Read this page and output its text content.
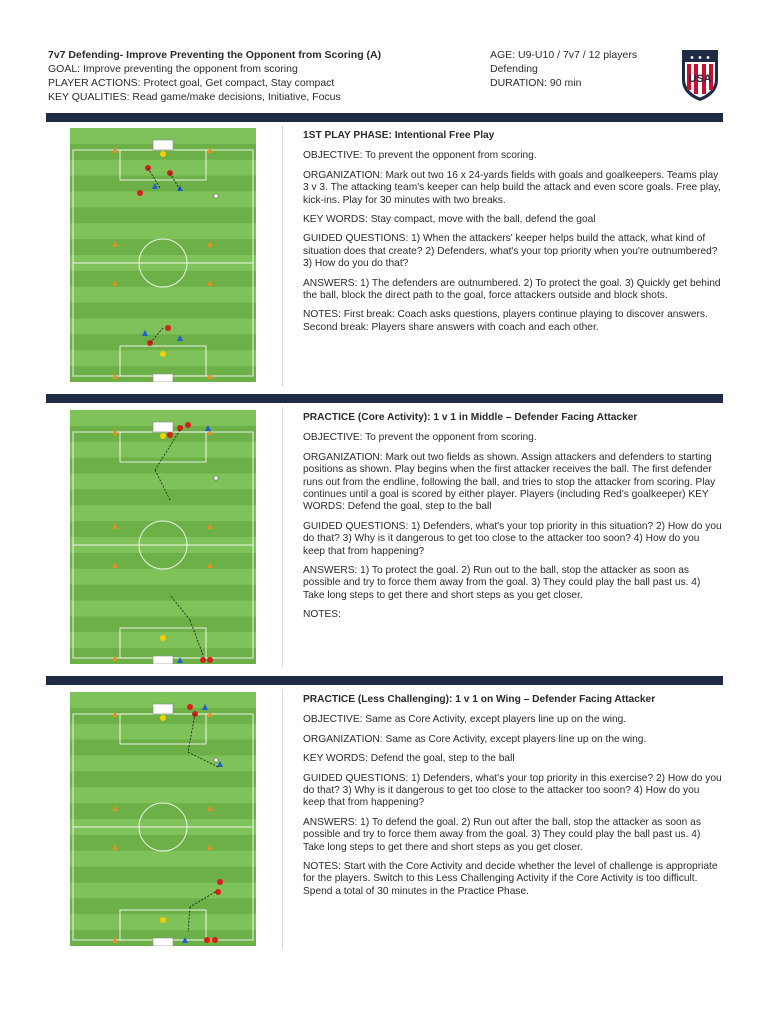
7v7 Defending- Improve Preventing the Opponent from Scoring (A)
GOAL: Improve preventing the opponent from scoring
PLAYER ACTIONS: Protect goal, Get compact, Stay compact
KEY QUALITIES: Read game/make decisions, Initiative, Focus
AGE: U9-U10 / 7v7 / 12 players
Defending
DURATION: 90 min	USA

1ST PLAY PHASE: Intentional Free Play

OBJECTIVE: To prevent the opponent from scoring.

ORGANIZATION: Mark out two 16 x 24-yards fields with goals and goalkeepers. Teams play 3 v 3. The attacking team's keeper can help build the attack and even score goals. Free play, kick-ins. Play for 30 minutes with two breaks.

KEY WORDS: Stay compact, move with the ball, defend the goal

GUIDED QUESTIONS: 1) When the attackers' keeper helps build the attack, what kind of situation does that create? 2) Defenders, what's your top priority when you're outnumbered? 3) How do you do that?

ANSWERS: 1) The defenders are outnumbered. 2) To protect the goal. 3) Quickly get behind the ball, block the direct path to the goal, force attackers outside and block shots.

NOTES: First break: Coach asks questions, players continue playing to discover answers. Second break: Players share answers with coach and each other.

PRACTICE (Core Activity): 1 v 1 in Middle – Defender Facing Attacker

OBJECTIVE: To prevent the opponent from scoring.

ORGANIZATION: Mark out two fields as shown. Assign attackers and defenders to starting positions as shown. Play begins when the first attacker receives the ball. The first defender runs out from the endline, following the ball, and tries to stop the attacker from scoring. Play continues until a goal is scored by either player. Players (including Red's goalkeeper) KEY WORDS: Defend the goal, step to the ball

GUIDED QUESTIONS: 1) Defenders, what's your top priority in this situation? 2) How do you do that? 3) Why is it dangerous to get too close to the attacker too soon? 4) How do you keep that from happening?

ANSWERS: 1) To protect the goal. 2) Run out to the ball, stop the attacker as soon as possible and try to force them away from the goal. 3) They could play the ball past us. 4) Take long steps to get there and short steps as you get closer.

NOTES:

PRACTICE (Less Challenging): 1 v 1 on Wing – Defender Facing Attacker

OBJECTIVE: Same as Core Activity, except players line up on the wing.

ORGANIZATION: Same as Core Activity, except players line up on the wing.

KEY WORDS: Defend the goal, step to the ball

GUIDED QUESTIONS: 1) Defenders, what's your top priority in this exercise? 2) How do you do that? 3) Why is it dangerous to get too close to the attacker too soon? 4) How do you keep that from happening?

ANSWERS: 1) To defend the goal. 2) Run out after the ball, stop the attacker as soon as possible and try to force them away from the goal. 3) They could play the ball past us. 4) Take long steps to get there and short steps as you get closer.

NOTES: Start with the Core Activity and decide whether the level of challenge is appropriate for the players. Switch to this Less Challenging Activity if the Core Activity is too difficult. Spend a total of 30 minutes in the Practice Phase.
